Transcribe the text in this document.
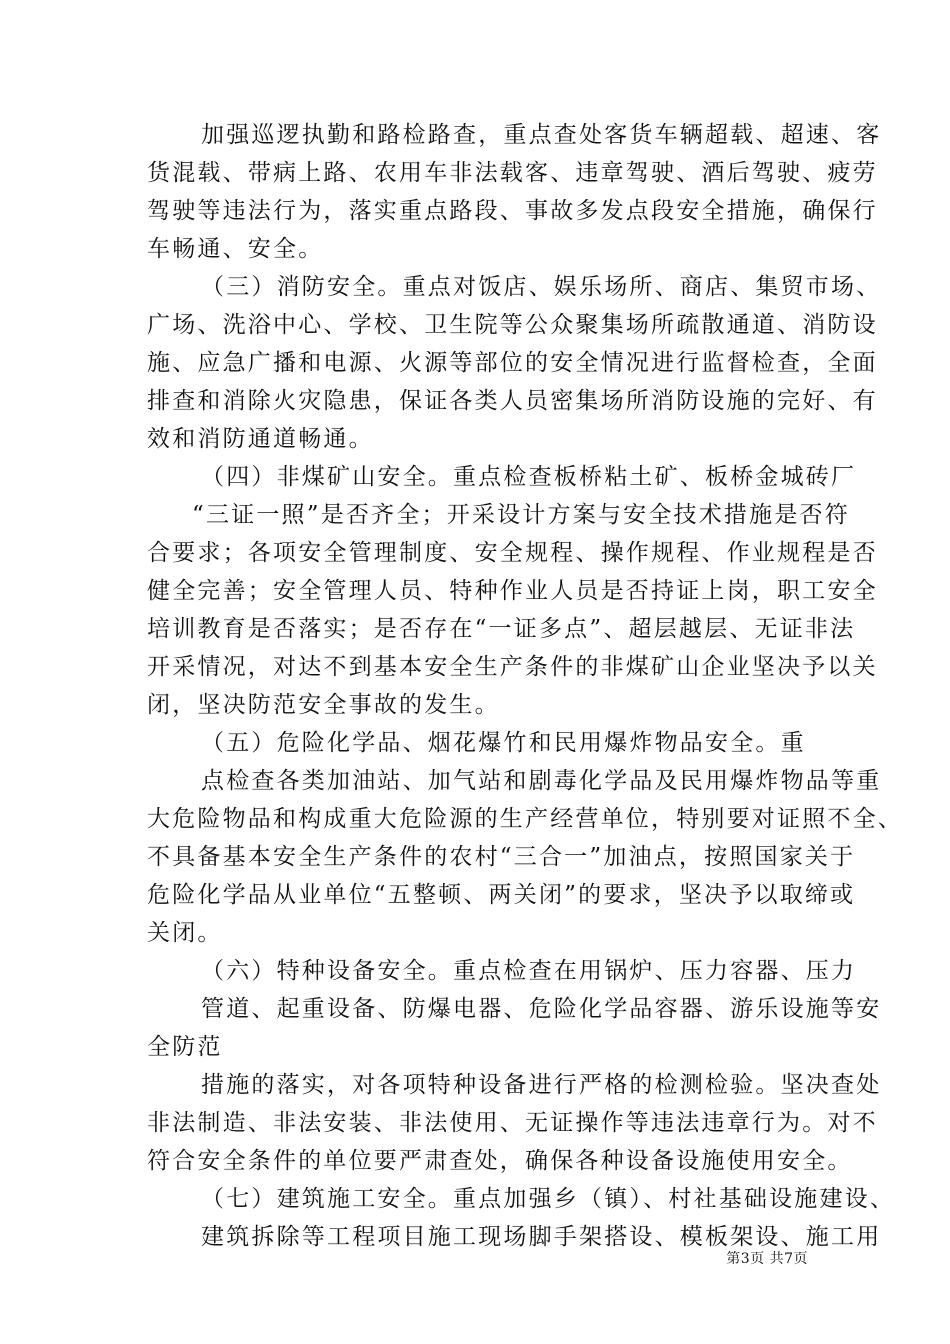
加强巡逻执勤和路检路查，重点查处客货车辆超载、超速、客
货混载、带病上路、农用车非法载客、违章驾驶、酒后驾驶、疲劳
驾驶等违法行为，落实重点路段、事故多发点段安全措施，确保行
车畅通、安全。
（三）消防安全。重点对饭店、娱乐场所、商店、集贸市场、
广场、洗浴中心、学校、卫生院等公众聚集场所疏散通道、消防设
施、应急广播和电源、火源等部位的安全情况进行监督检查，全面
排查和消除火灾隐患，保证各类人员密集场所消防设施的完好、有
效和消防通道畅通。
（四）非煤矿山安全。重点检查板桥粘土矿、板桥金城砖厂
“三证一照”是否齐全；开采设计方案与安全技术措施是否符
合要求；各项安全管理制度、安全规程、操作规程、作业规程是否
健全完善；安全管理人员、特种作业人员是否持证上岗，职工安全
培训教育是否落实；是否存在“一证多点”、超层越层、无证非法
开采情况，对达不到基本安全生产条件的非煤矿山企业坚决予以关
闭，坚决防范安全事故的发生。
（五）危险化学品、烟花爆竹和民用爆炸物品安全。重
点检查各类加油站、加气站和剧毒化学品及民用爆炸物品等重
大危险物品和构成重大危险源的生产经营单位，特别要对证照不全、
不具备基本安全生产条件的农村“三合一”加油点，按照国家关于
危险化学品从业单位“五整顿、两关闭”的要求，坚决予以取缔或
关闭。
（六）特种设备安全。重点检查在用锅炉、压力容器、压力
管道、起重设备、防爆电器、危险化学品容器、游乐设施等安
全防范
措施的落实，对各项特种设备进行严格的检测检验。坚决查处
非法制造、非法安装、非法使用、无证操作等违法违章行为。对不
符合安全条件的单位要严肃查处，确保各种设备设施使用安全。
（七）建筑施工安全。重点加强乡（镇）、村社基础设施建设、
建筑拆除等工程项目施工现场脚手架搭设、模板架设、施工用
第3页 共7页
